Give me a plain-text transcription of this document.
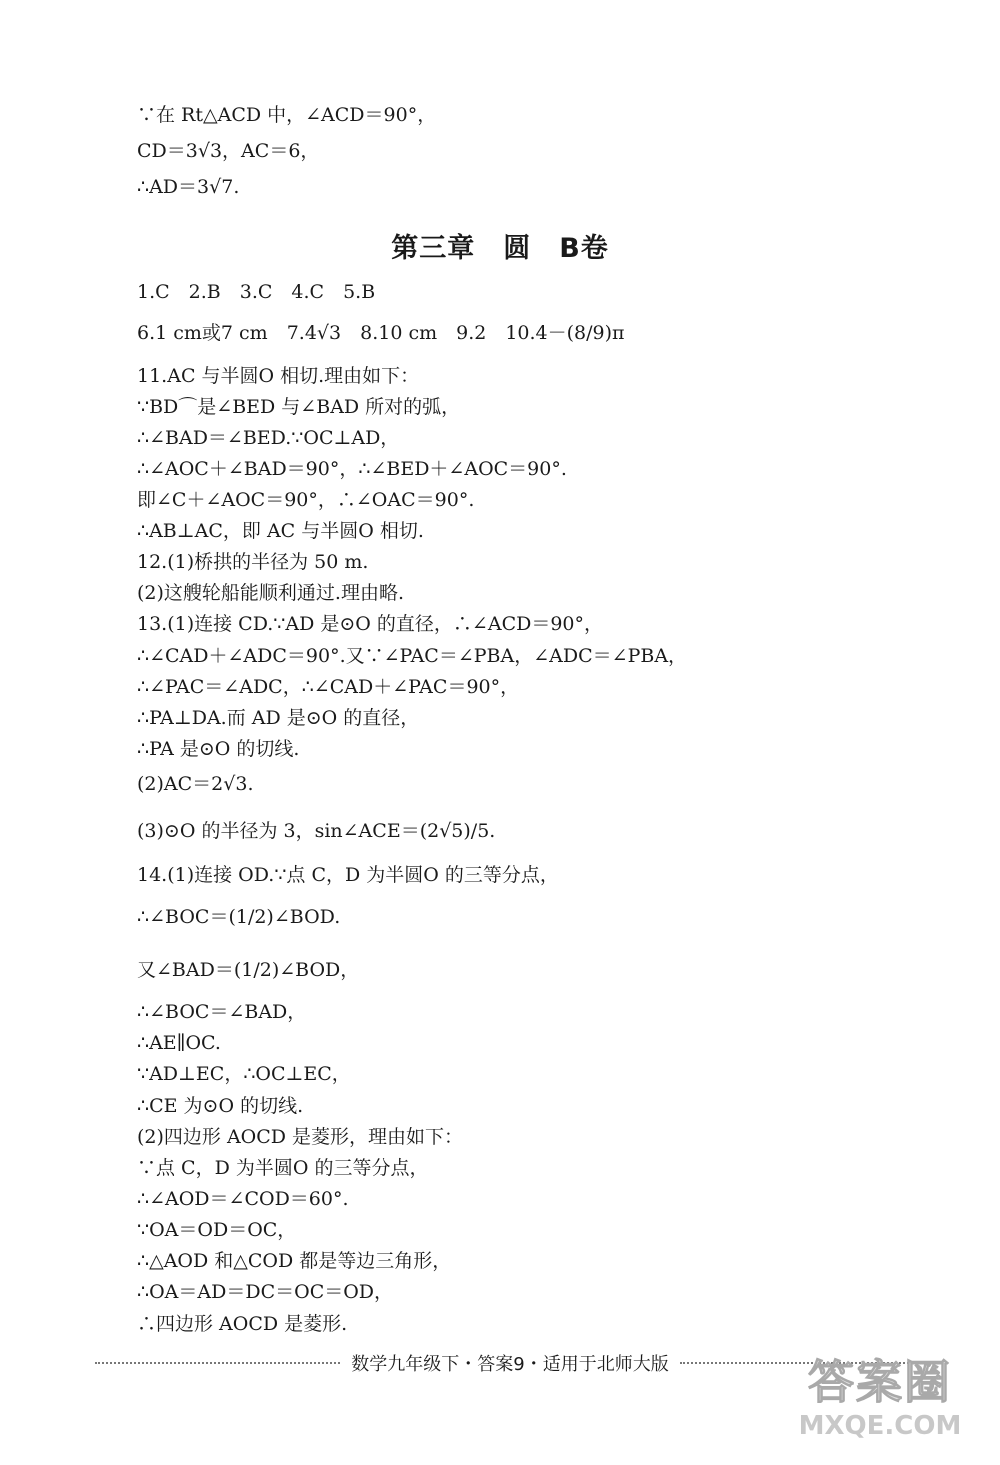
∵在 Rt△ACD 中，∠ACD＝90°，
CD＝3√3，AC＝6，
∴AD＝3√7.
第三章　圆　B卷
1.C　2.B　3.C　4.C　5.B
6.1 cm或7 cm　7.4√3　8.10 cm　9.2　10.4－(8/9)π
11.AC 与半圆O 相切.理由如下：
∵BD⌒是∠BED 与∠BAD 所对的弧，
∴∠BAD＝∠BED.∵OC⊥AD，
∴∠AOC＋∠BAD＝90°，∴∠BED＋∠AOC＝90°.
即∠C＋∠AOC＝90°，∴∠OAC＝90°.
∴AB⊥AC，即 AC 与半圆O 相切.
12.(1)桥拱的半径为 50 m.
(2)这艘轮船能顺利通过.理由略.
13.(1)连接 CD.∵AD 是⊙O 的直径，∴∠ACD＝90°，
∴∠CAD＋∠ADC＝90°.又∵∠PAC＝∠PBA，∠ADC＝∠PBA，
∴∠PAC＝∠ADC，∴∠CAD＋∠PAC＝90°，
∴PA⊥DA.而 AD 是⊙O 的直径，
∴PA 是⊙O 的切线.
(2)AC＝2√3.
(3)⊙O 的半径为 3，sin∠ACE＝(2√5)/5.
14.(1)连接 OD.∵点 C，D 为半圆O 的三等分点，
∴∠BOC＝(1/2)∠BOD.
又∠BAD＝(1/2)∠BOD，
∴∠BOC＝∠BAD，
∴AE∥OC.
∵AD⊥EC，∴OC⊥EC，
∴CE 为⊙O 的切线.
(2)四边形 AOCD 是菱形，理由如下：
∵点 C，D 为半圆O 的三等分点，
∴∠AOD＝∠COD＝60°.
∵OA＝OD＝OC，
∴△AOD 和△COD 都是等边三角形，
∴OA＝AD＝DC＝OC＝OD，
∴四边形 AOCD 是菱形.
数学九年级下・答案9・适用于北师大版	答案圈
MXQE.COM
